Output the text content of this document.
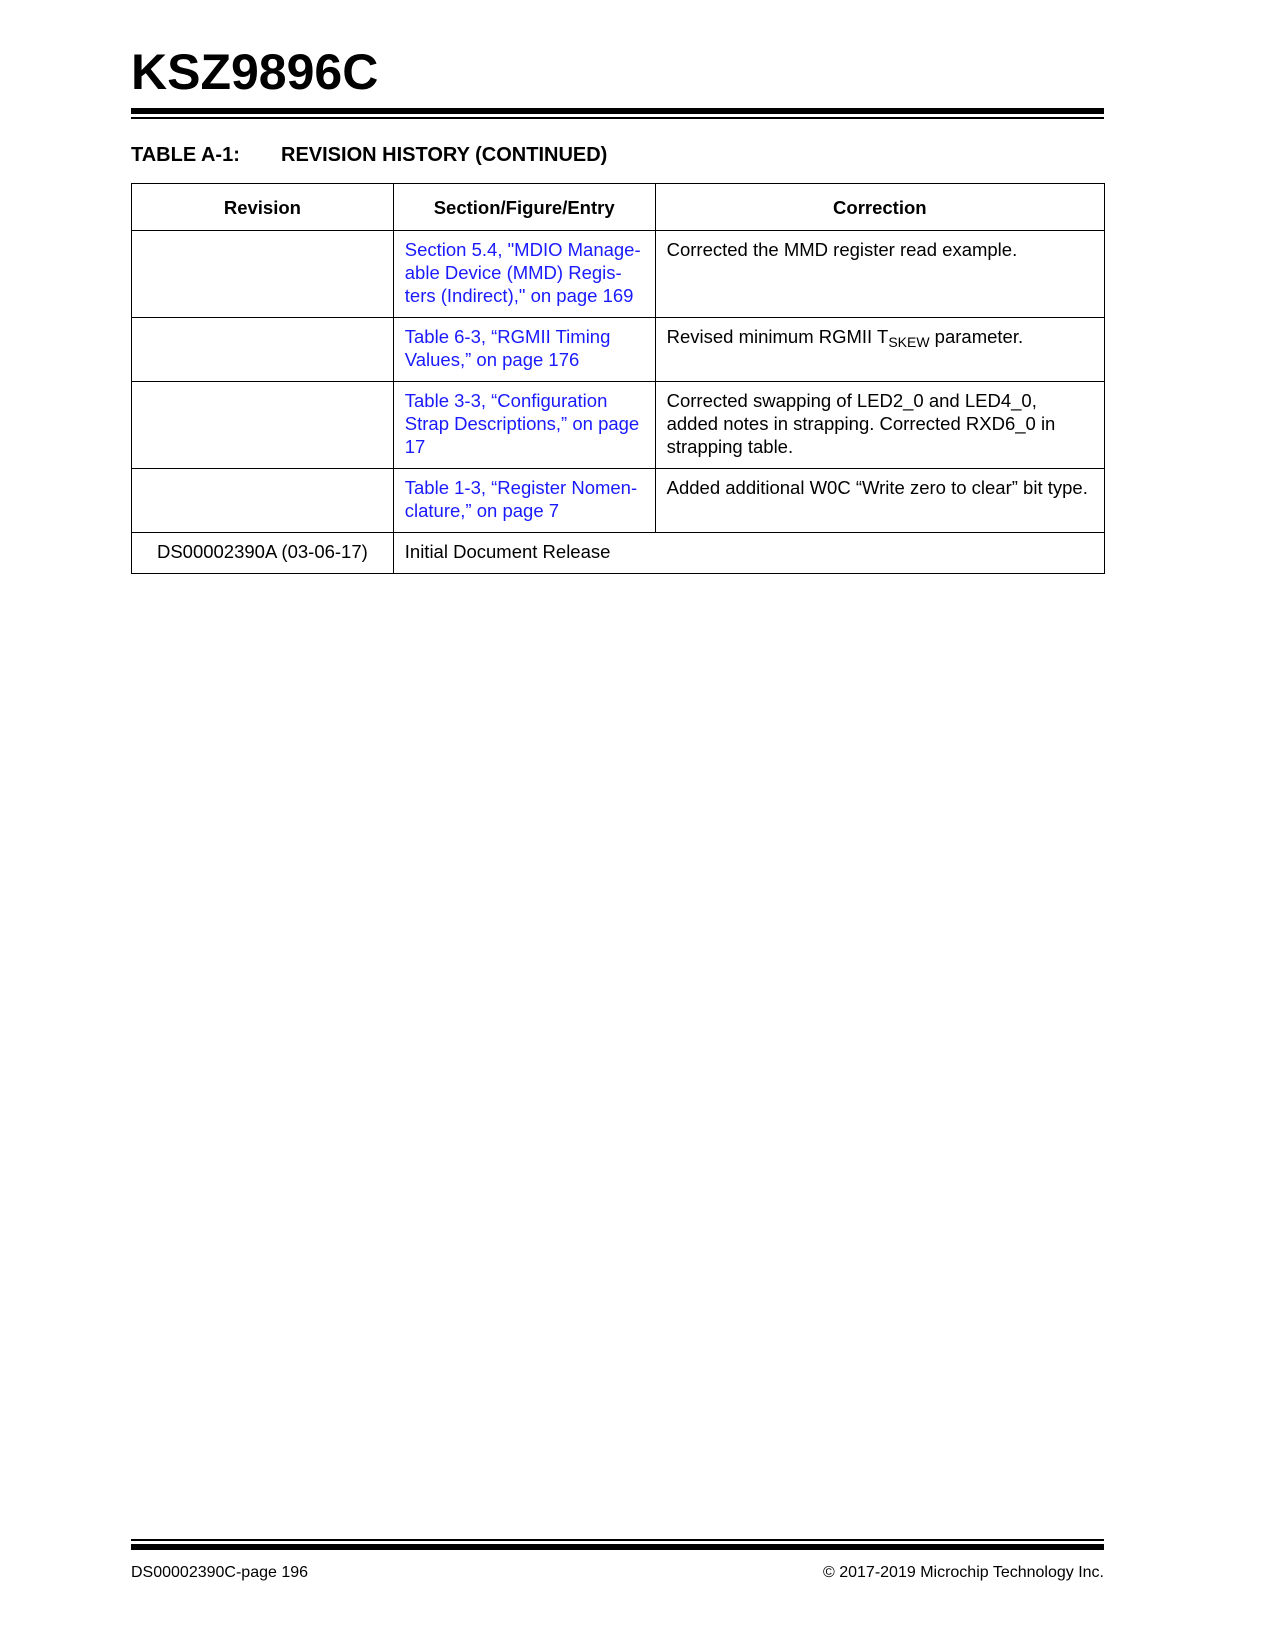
KSZ9896C
TABLE A-1: REVISION HISTORY (CONTINUED)
Revision	Section/Figure/Entry	Correction
	Section 5.4, "MDIO Manage-able Device (MMD) Regis-ters (Indirect)," on page 169	Corrected the MMD register read example.
	Table 6-3, “RGMII Timing Values,” on page 176	Revised minimum RGMII $T_{SKEW}$ parameter.
	Table 3-3, “Configuration Strap Descriptions,” on page 17	Corrected swapping of LED2_0 and LED4_0, added notes in strapping. Corrected RXD6_0 in strapping table.
	Table 1-3, “Register Nomen-clature,” on page 7	Added additional W0C “Write zero to clear” bit type.
DS00002390A (03-06-17)	Initial Document Release	
DS00002390C-page 196	© 2017-2019 Microchip Technology Inc.
